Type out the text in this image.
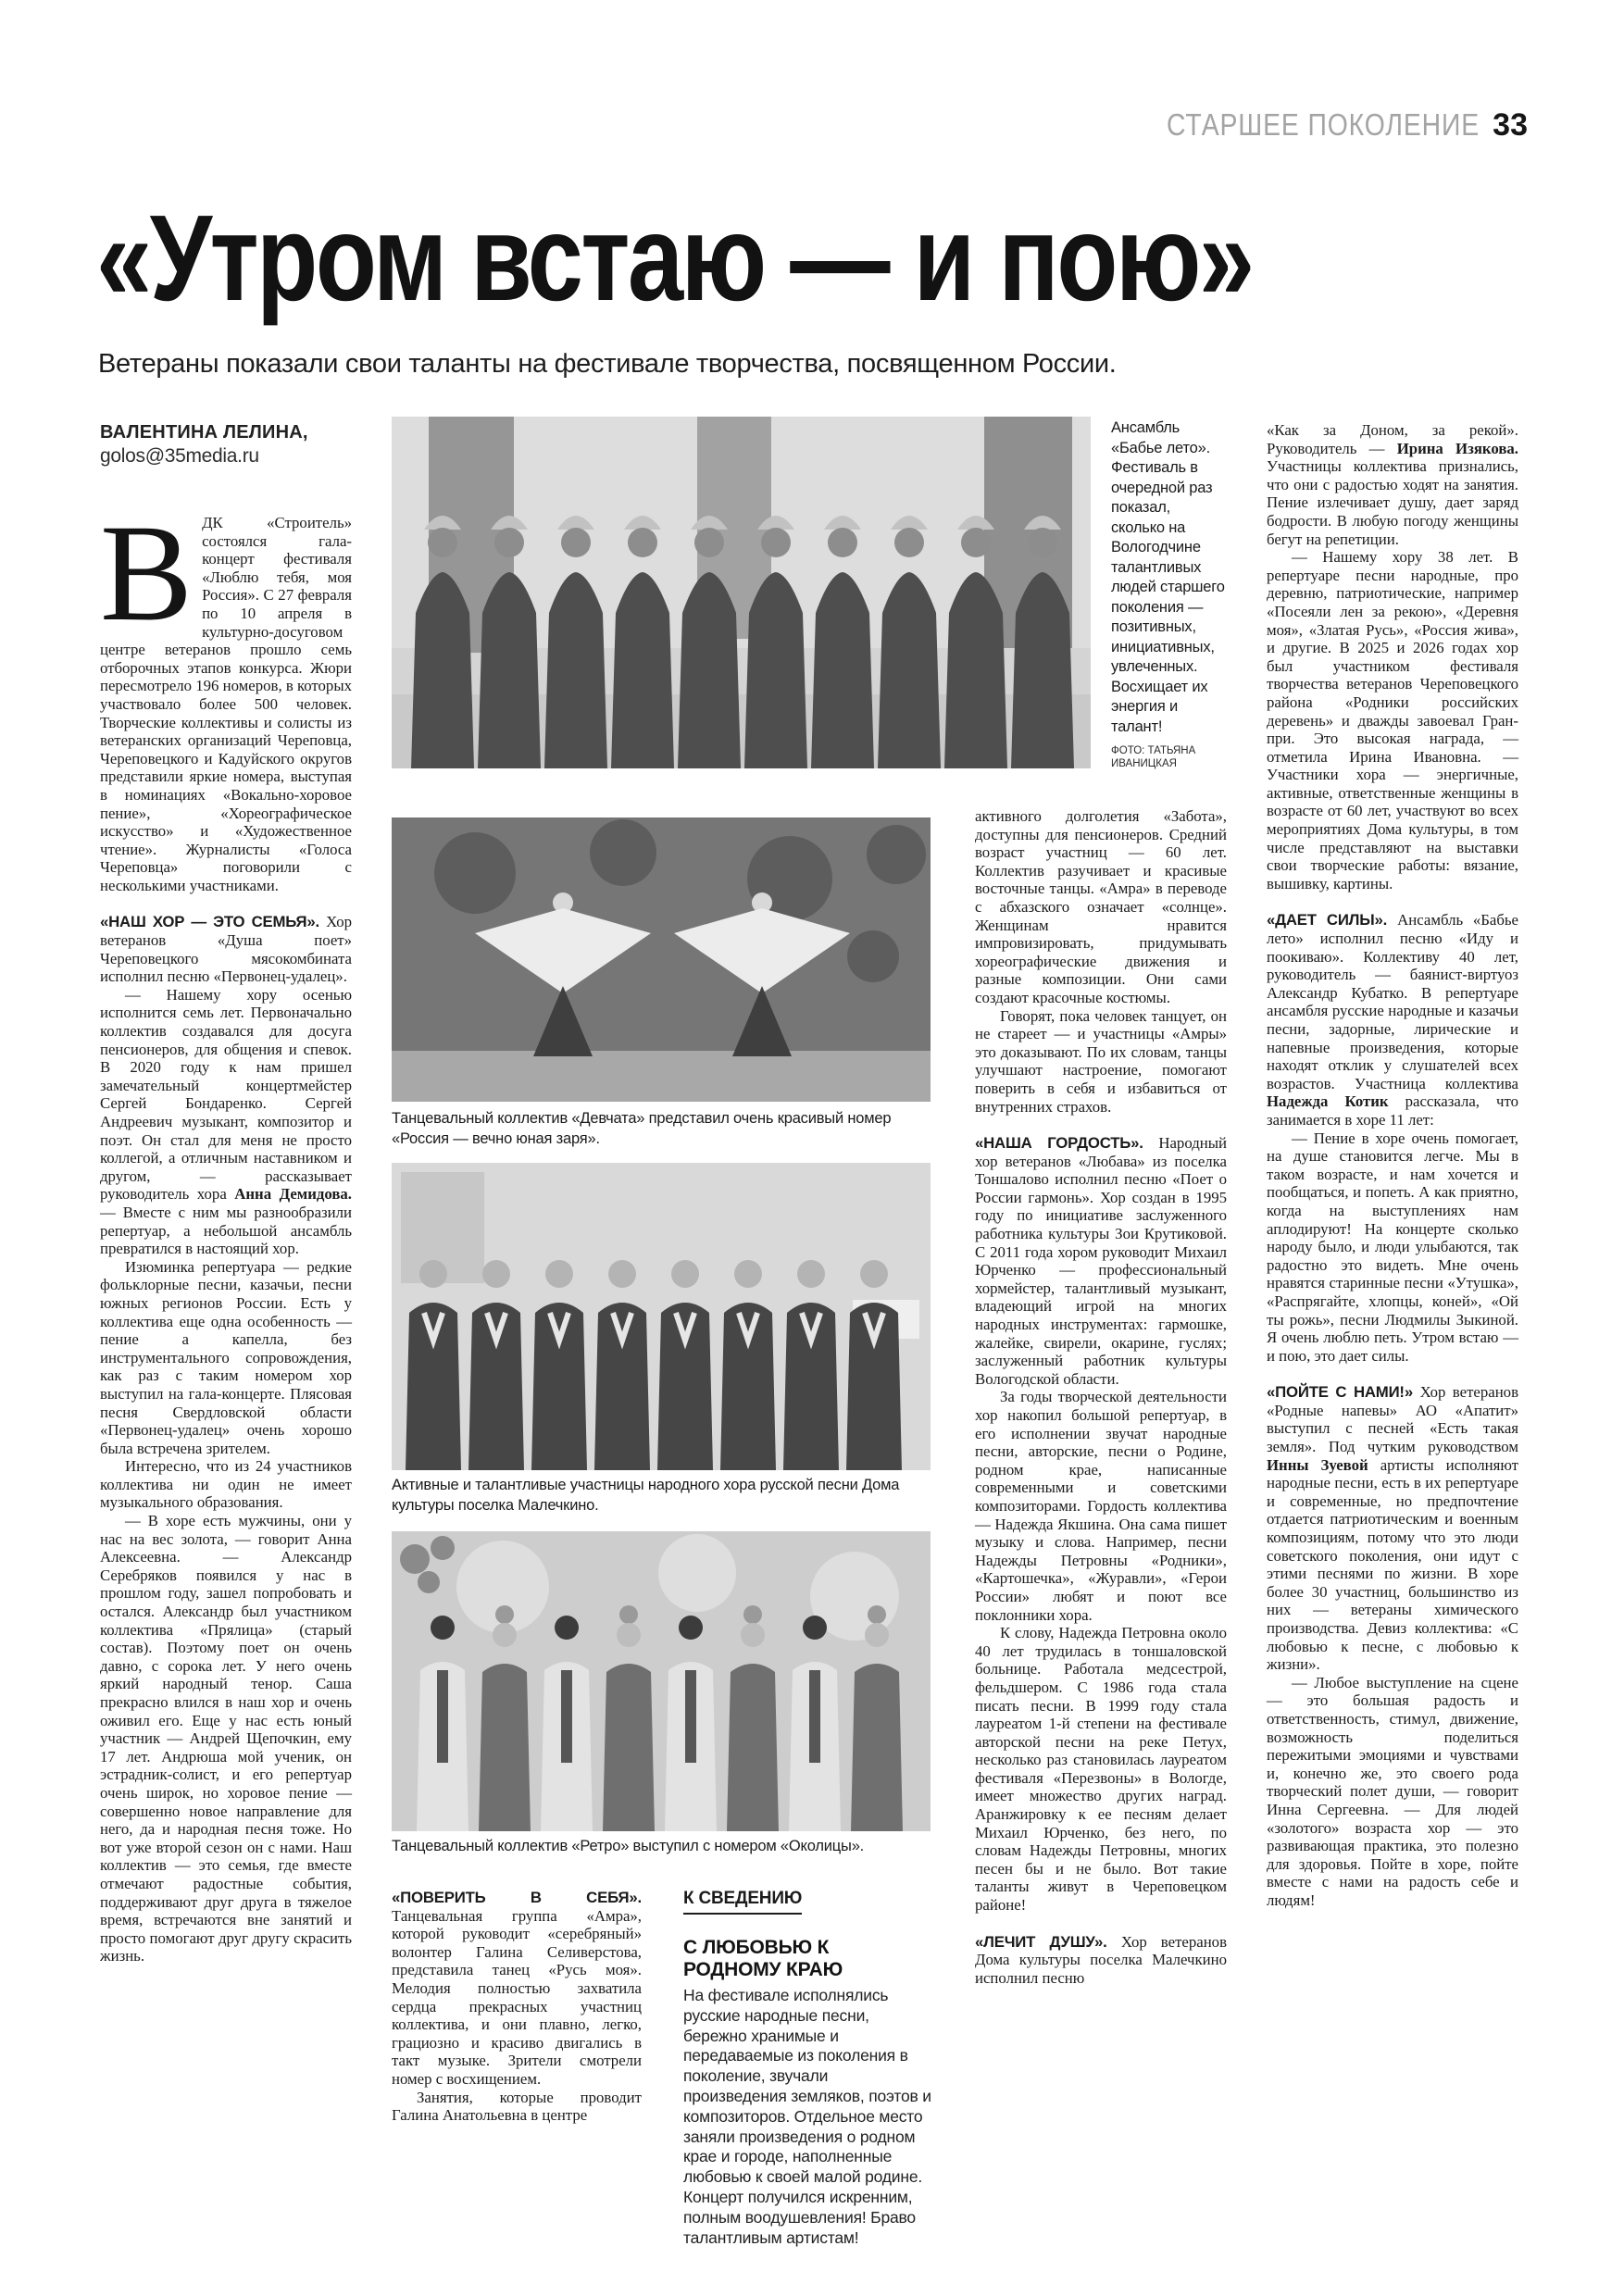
СТАРШЕЕ ПОКОЛЕНИЕ 33
«Утром встаю — и пою»
Ветераны показали свои таланты на фестивале творчества, посвященном России.
ВАЛЕНТИНА ЛЕЛИНА,
golos@35media.ru

ВДК «Строитель» состоялся гала-концерт фестиваля «Люблю тебя, моя Россия». С 27 февраля по 10 апреля в культурно-досуговом центре ветеранов прошло семь отборочных этапов конкурса. Жюри пересмотрело 196 номеров, в которых участвовало более 500 человек. Творческие коллективы и солисты из ветеранских организаций Череповца, Череповецкого и Кадуйского округов представили яркие номера, выступая в номинациях «Вокально-хоровое пение», «Хореографическое искусство» и «Художественное чтение». Журналисты «Голоса Череповца» поговорили с несколькими участниками.

«НАШ ХОР — ЭТО СЕМЬЯ». Хор ветеранов «Душа поет» Череповецкого мясокомбината исполнил песню «Первонец-удалец».

— Нашему хору осенью исполнится семь лет. Первоначально коллектив создавался для досуга пенсионеров, для общения и спевок. В 2020 году к нам пришел замечательный концертмейстер Сергей Бондаренко. Сергей Андреевич музыкант, композитор и поэт. Он стал для меня не просто коллегой, а отличным наставником и другом, — рассказывает руководитель хора Анна Демидова. — Вместе с ним мы разнообразили репертуар, а небольшой ансамбль превратился в настоящий хор.

Изюминка репертуара — редкие фольклорные песни, казачьи, песни южных регионов России. Есть у коллектива еще одна особенность — пение а капелла, без инструментального сопровождения, как раз с таким номером хор выступил на гала-концерте. Плясовая песня Свердловской области «Первонец-удалец» очень хорошо была встречена зрителем.

Интересно, что из 24 участников коллектива ни один не имеет музыкального образования.

— В хоре есть мужчины, они у нас на вес золота, — говорит Анна Алексеевна. — Александр Серебряков появился у нас в прошлом году, зашел попробовать и остался. Александр был участником коллектива «Прялица» (старый состав). Поэтому поет он очень давно, с сорока лет. У него очень яркий народный тенор. Саша прекрасно влился в наш хор и очень оживил его. Еще у нас есть юный участник — Андрей Щепочкин, ему 17 лет. Андрюша мой ученик, он эстрадник-солист, и его репертуар очень широк, но хоровое пение — совершенно новое направление для него, да и народная песня тоже. Но вот уже второй сезон он с нами. Наш коллектив — это семья, где вместе отмечают радостные события, поддерживают друг друга в тяжелое время, встречаются вне занятий и просто помогают друг другу скрасить жизнь.

Ансамбль «Бабье лето». Фестиваль в очередной раз показал, сколько на Вологодчине талантливых людей старшего поколения — позитивных, инициативных, увлеченных. Восхищает их энергия и талант!
ФОТО: ТАТЬЯНА ИВАНИЦКАЯ
Танцевальный коллектив «Девчата» представил очень красивый номер «Россия — вечно юная заря».
Активные и талантливые участницы народного хора русской песни Дома культуры поселка Малечкино.
Танцевальный коллектив «Ретро» выступил с номером «Околицы».

«ПОВЕРИТЬ В СЕБЯ». Танцевальная группа «Амра», которой руководит «серебряный» волонтер Галина Селиверстова, представила танец «Русь моя». Мелодия полностью захватила сердца прекрасных участниц коллектива, и они плавно, легко, грациозно и красиво двигались в такт музыке. Зрители смотрели номер с восхищением.

Занятия, которые проводит Галина Анатольевна в центре

активного долголетия «Забота», доступны для пенсионеров. Средний возраст участниц — 60 лет. Коллектив разучивает и красивые восточные танцы. «Амра» в переводе с абхазского означает «солнце». Женщинам нравится импровизировать, придумывать хореографические движения и разные композиции. Они сами создают красочные костюмы.

Говорят, пока человек танцует, он не стареет — и участницы «Амры» это доказывают. По их словам, танцы улучшают настроение, помогают поверить в себя и избавиться от внутренних страхов.

«НАША ГОРДОСТЬ». Народный хор ветеранов «Любава» из поселка Тоншалово исполнил песню «Поет о России гармонь». Хор создан в 1995 году по инициативе заслуженного работника культуры Зои Крутиковой. С 2011 года хором руководит Михаил Юрченко — профессиональный хормейстер, талантливый музыкант, владеющий игрой на многих народных инструментах: гармошке, жалейке, свирели, окарине, гуслях; заслуженный работник культуры Вологодской области.

За годы творческой деятельности хор накопил большой репертуар, в его исполнении звучат народные песни, авторские, песни о Родине, родном крае, написанные современными и советскими композиторами. Гордость коллектива — Надежда Якшина. Она сама пишет музыку и слова. Например, песни Надежды Петровны «Родники», «Картошечка», «Журавли», «Герои России» любят и поют все поклонники хора.

К слову, Надежда Петровна около 40 лет трудилась в тоншаловской больнице. Работала медсестрой, фельдшером. С 1986 года стала писать песни. В 1999 году стала лауреатом 1-й степени на фестивале авторской песни на реке Петух, несколько раз становилась лауреатом фестиваля «Перезвоны» в Вологде, имеет множество других наград. Аранжировку к ее песням делает Михаил Юрченко, без него, по словам Надежды Петровны, многих песен бы и не было. Вот такие таланты живут в Череповецком районе!

«ЛЕЧИТ ДУШУ». Хор ветеранов Дома культуры поселка Малечкино исполнил песню

«Как за Доном, за рекой». Руководитель — Ирина Изякова. Участницы коллектива признались, что они с радостью ходят на занятия. Пение излечивает душу, дает заряд бодрости. В любую погоду женщины бегут на репетиции.

— Нашему хору 38 лет. В репертуаре песни народные, про деревню, патриотические, например «Посеяли лен за рекою», «Деревня моя», «Златая Русь», «Россия жива», и другие. В 2025 и 2026 годах хор был участником фестиваля творчества ветеранов Череповецкого района «Родники российских деревень» и дважды завоевал Гран-при. Это высокая награда, — отметила Ирина Ивановна. — Участники хора — энергичные, активные, ответственные женщины в возрасте от 60 лет, участвуют во всех мероприятиях Дома культуры, в том числе представляют на выставки свои творческие работы: вязание, вышивку, картины.

«ДАЕТ СИЛЫ». Ансамбль «Бабье лето» исполнил песню «Иду и поокиваю». Коллективу 40 лет, руководитель — баянист-виртуоз Александр Кубатко. В репертуаре ансамбля русские народные и казачьи песни, задорные, лирические и напевные произведения, которые находят отклик у слушателей всех возрастов. Участница коллектива Надежда Котик рассказала, что занимается в хоре 11 лет:

— Пение в хоре очень помогает, на душе становится легче. Мы в таком возрасте, и нам хочется и пообщаться, и попеть. А как приятно, когда на выступлениях нам аплодируют! На концерте сколько народу было, и люди улыбаются, так радостно это видеть. Мне очень нравятся старинные песни «Утушка», «Распрягайте, хлопцы, коней», «Ой ты рожь», песни Людмилы Зыкиной. Я очень люблю петь. Утром встаю — и пою, это дает силы.

«ПОЙТЕ С НАМИ!» Хор ветеранов «Родные напевы» АО «Апатит» выступил с песней «Есть такая земля». Под чутким руководством Инны Зуевой артисты исполняют народные песни, есть в их репертуаре и современные, но предпочтение отдается патриотическим и военным композициям, потому что это люди советского поколения, они идут с этими песнями по жизни. В хоре более 30 участниц, большинство из них — ветераны химического производства. Девиз коллектива: «С любовью к песне, с любовью к жизни».

— Любое выступление на сцене — это большая радость и ответственность, стимул, движение, возможность поделиться пережитыми эмоциями и чувствами и, конечно же, это своего рода творческий полет души, — говорит Инна Сергеевна. — Для людей «золотого» возраста хор — это развивающая практика, это полезно для здоровья. Пойте в хоре, пойте вместе с нами на радость себе и людям!

К СВЕДЕНИЮ
С ЛЮБОВЬЮ К РОДНОМУ КРАЮ
На фестивале исполнялись русские народные песни, бережно хранимые и передаваемые из поколения в поколение, звучали произведения земляков, поэтов и композиторов. Отдельное место заняли произведения о родном крае и городе, наполненные любовью к своей малой родине. Концерт получился искренним, полным воодушевления! Браво талантливым артистам!
